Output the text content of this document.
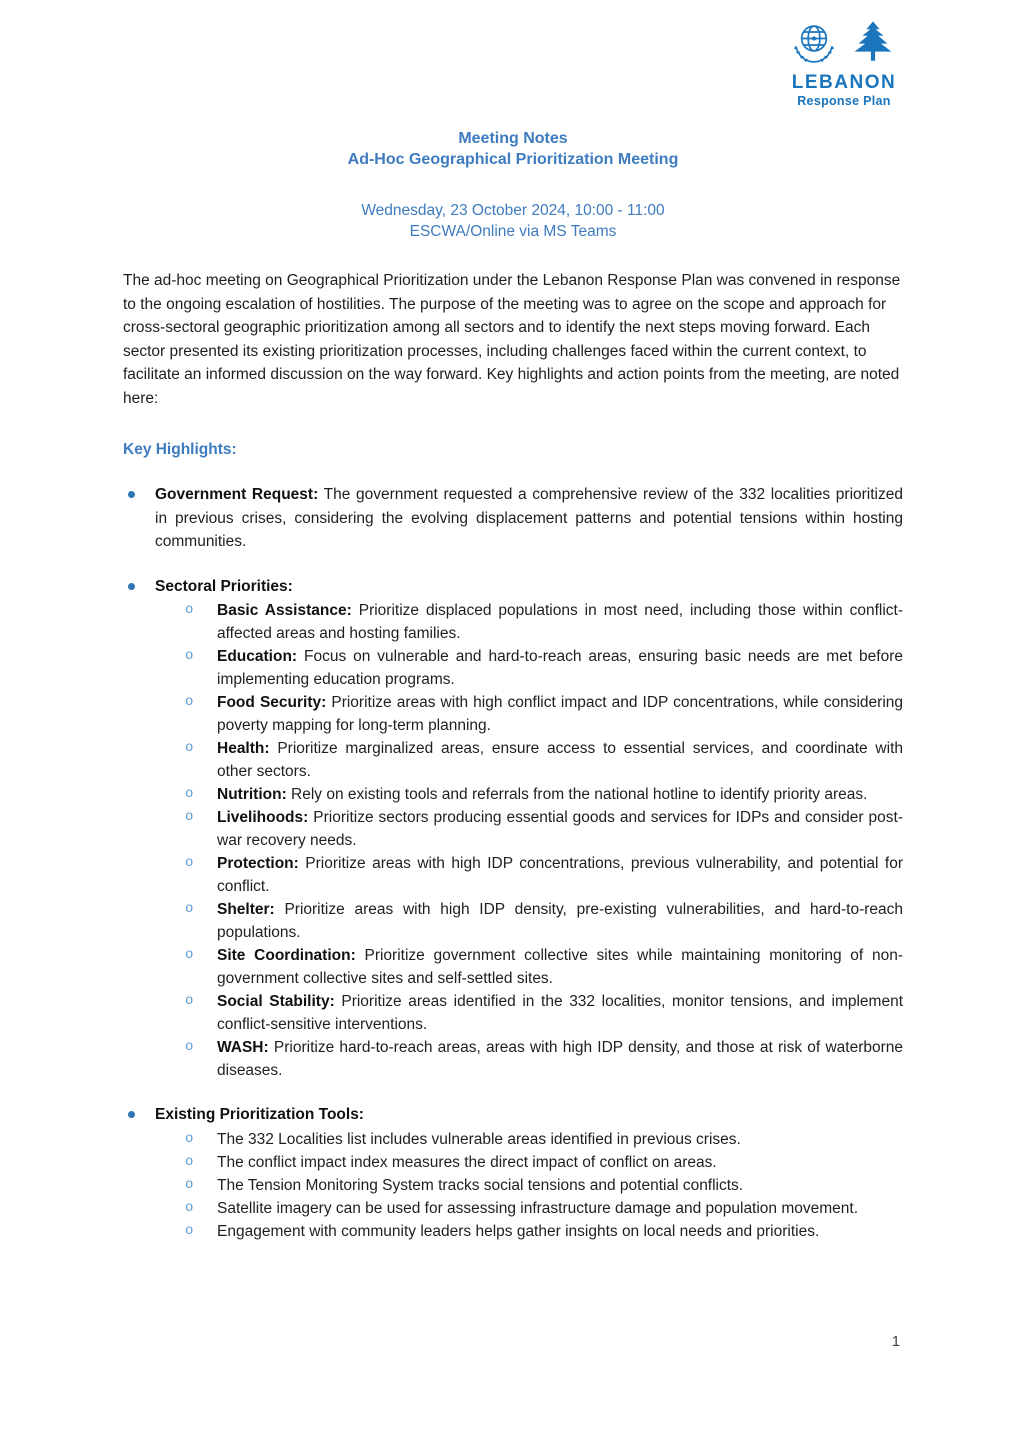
LEBANON
Response Plan
Meeting Notes
Ad-Hoc Geographical Prioritization Meeting
Wednesday, 23 October 2024, 10:00 - 11:00
ESCWA/Online via MS Teams

The ad-hoc meeting on Geographical Prioritization under the Lebanon Response Plan was convened in response to the ongoing escalation of hostilities. The purpose of the meeting was to agree on the scope and approach for cross-sectoral geographic prioritization among all sectors and to identify the next steps moving forward. Each sector presented its existing prioritization processes, including challenges faced within the current context, to facilitate an informed discussion on the way forward. Key highlights and action points from the meeting, are noted here:

Key Highlights:
Government Request: The government requested a comprehensive review of the 332 localities prioritized in previous crises, considering the evolving displacement patterns and potential tensions within hosting communities.
Sectoral Priorities:
o Basic Assistance: Prioritize displaced populations in most need, including those within conflict-affected areas and hosting families.
o Education: Focus on vulnerable and hard-to-reach areas, ensuring basic needs are met before implementing education programs.
o Food Security: Prioritize areas with high conflict impact and IDP concentrations, while considering poverty mapping for long-term planning.
o Health: Prioritize marginalized areas, ensure access to essential services, and coordinate with other sectors.
o Nutrition: Rely on existing tools and referrals from the national hotline to identify priority areas.
o Livelihoods: Prioritize sectors producing essential goods and services for IDPs and consider post-war recovery needs.
o Protection: Prioritize areas with high IDP concentrations, previous vulnerability, and potential for conflict.
o Shelter: Prioritize areas with high IDP density, pre-existing vulnerabilities, and hard-to-reach populations.
o Site Coordination: Prioritize government collective sites while maintaining monitoring of non-government collective sites and self-settled sites.
o Social Stability: Prioritize areas identified in the 332 localities, monitor tensions, and implement conflict-sensitive interventions.
o WASH: Prioritize hard-to-reach areas, areas with high IDP density, and those at risk of waterborne diseases.
Existing Prioritization Tools:
o The 332 Localities list includes vulnerable areas identified in previous crises.
o The conflict impact index measures the direct impact of conflict on areas.
o The Tension Monitoring System tracks social tensions and potential conflicts.
o Satellite imagery can be used for assessing infrastructure damage and population movement.
o Engagement with community leaders helps gather insights on local needs and priorities.
1
